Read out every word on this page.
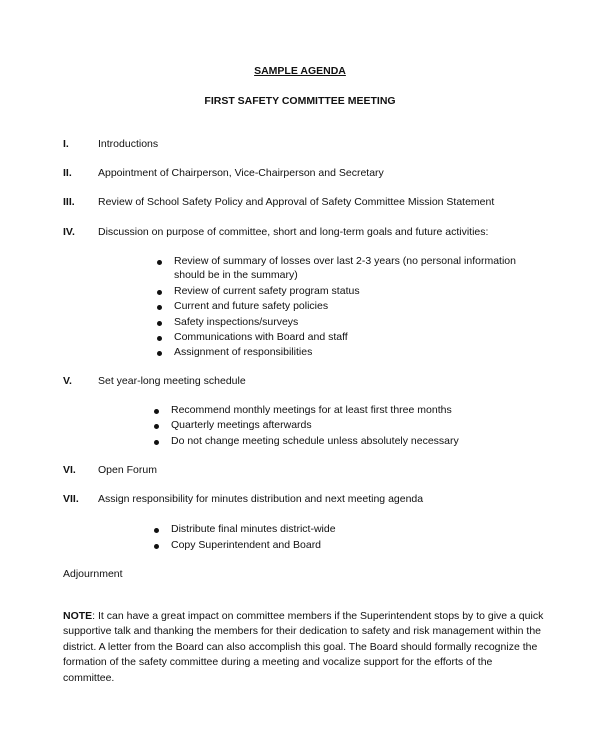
SAMPLE AGENDA
FIRST SAFETY COMMITTEE MEETING
I.	Introductions
II. Appointment of Chairperson, Vice-Chairperson and Secretary
III. Review of School Safety Policy and Approval of Safety Committee Mission Statement
IV. Discussion on purpose of committee, short and long-term goals and future activities:
Review of summary of losses over last 2-3 years (no personal information
should be in the summary)
Review of current safety program status
Current and future safety policies
Safety inspections/surveys
Communications with Board and staff
Assignment of responsibilities
V. Set year-long meeting schedule
Recommend monthly meetings for at least first three months
Quarterly meetings afterwards
Do not change meeting schedule unless absolutely necessary
VI. Open Forum
VII. Assign responsibility for minutes distribution and next meeting agenda
Distribute final minutes district-wide
Copy Superintendent and Board
Adjournment
NOTE: It can have a great impact on committee members if the Superintendent stops by to give a quick supportive talk and thanking the members for their dedication to safety and risk management within the district. A letter from the Board can also accomplish this goal. The Board should formally recognize the formation of the safety committee during a meeting and vocalize support for the efforts of the committee.
